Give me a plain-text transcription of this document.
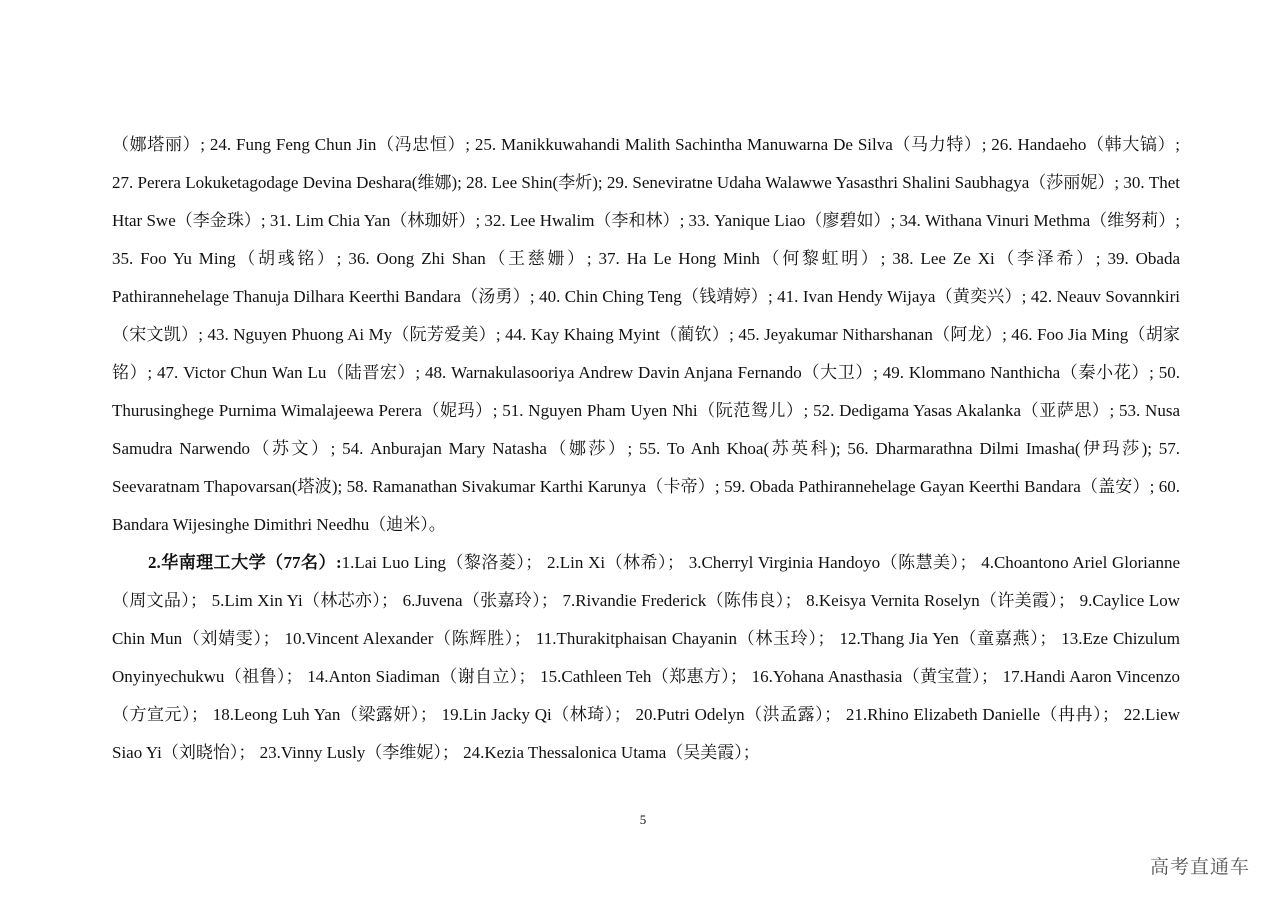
（娜塔丽）; 24. Fung Feng Chun Jin（冯忠恒）; 25. Manikkuwahandi Malith Sachintha Manuwarna De Silva（马力特）; 26. Handaeho（韩大镐）; 27. Perera Lokuketagodage Devina Deshara(维娜); 28. Lee Shin(李炘); 29. Seneviratne Udaha Walawwe Yasasthri Shalini Saubhagya（莎丽妮）; 30. Thet Htar Swe（李金珠）; 31. Lim Chia Yan（林珈妍）; 32. Lee Hwalim（李和林）; 33. Yanique Liao（廖碧如）; 34. Withana Vinuri Methma（维努莉）; 35. Foo Yu Ming（胡彧铭）; 36. Oong Zhi Shan（王慈姗）; 37. Ha Le Hong Minh（何黎虹明）; 38. Lee Ze Xi（李泽希）; 39. Obada Pathirannehelage Thanuja Dilhara Keerthi Bandara（汤勇）; 40. Chin Ching Teng（钱靖婷）; 41. Ivan Hendy Wijaya（黄奕兴）; 42. Neauv Sovannkiri（宋文凯）; 43. Nguyen Phuong Ai My（阮芳爱美）; 44. Kay Khaing Myint（蔺钦）; 45. Jeyakumar Nitharshanan（阿龙）; 46. Foo Jia Ming（胡家铭）; 47. Victor Chun Wan Lu（陆晋宏）; 48. Warnakulasooriya Andrew Davin Anjana Fernando（大卫）; 49. Klommano Nanthicha（秦小花）; 50. Thurusinghege Purnima Wimalajeewa Perera（妮玛）; 51. Nguyen Pham Uyen Nhi（阮范鸳儿）; 52. Dedigama Yasas Akalanka（亚萨思）; 53. Nusa Samudra Narwendo（苏文）; 54. Anburajan Mary Natasha（娜莎）; 55. To Anh Khoa(苏英科); 56. Dharmarathna Dilmi Imasha(伊玛莎); 57. Seevaratnam Thapovarsan(塔波); 58. Ramanathan Sivakumar Karthi Karunya（卡帝）; 59. Obada Pathirannehelage Gayan Keerthi Bandara（盖安）; 60. Bandara Wijesinghe Dimithri Needhu（迪米）。

2.华南理工大学（77名）:1.Lai Luo Ling（黎洛菱）； 2.Lin Xi（林希）； 3.Cherryl Virginia Handoyo（陈慧美）； 4.Choantono Ariel Glorianne（周文品）； 5.Lim Xin Yi（林芯亦）； 6.Juvena（张嘉玲）； 7.Rivandie Frederick（陈伟良）； 8.Keisya Vernita Roselyn（许美霞）； 9.Caylice Low Chin Mun（刘婧雯）； 10.Vincent Alexander（陈辉胜）； 11.Thurakitphaisan Chayanin（林玉玲）； 12.Thang Jia Yen（童嘉燕）； 13.Eze Chizulum Onyinyechukwu（祖鲁）； 14.Anton Siadiman（谢自立）； 15.Cathleen Teh（郑惠方）； 16.Yohana Anasthasia（黄宝萱）； 17.Handi Aaron Vincenzo（方宣元）； 18.Leong Luh Yan（梁露妍）； 19.Lin Jacky Qi（林琦）； 20.Putri Odelyn（洪孟露）； 21.Rhino Elizabeth Danielle（冉冉）； 22.Liew Siao Yi（刘晓怡）； 23.Vinny Lusly（李维妮）； 24.Kezia Thessalonica Utama（吴美霞）；

5
高考直通车
